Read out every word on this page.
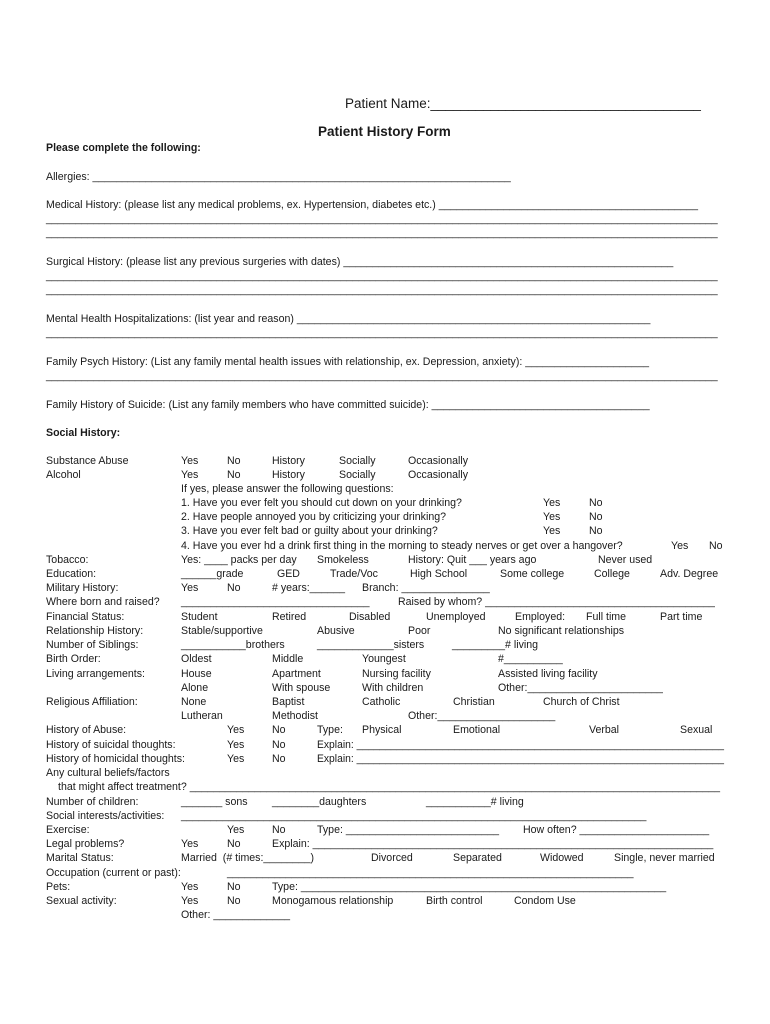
Patient Name:____________________________________
Patient History Form
Please complete the following:
Allergies: _______________________________________________________________________
Medical History: (please list any medical problems, ex. Hypertension, diabetes etc.) ____________________________________________
__________________________________________________________________________________________________________________
__________________________________________________________________________________________________________________
Surgical History: (please list any previous surgeries with dates) ________________________________________________________
__________________________________________________________________________________________________________________
__________________________________________________________________________________________________________________
Mental Health Hospitalizations: (list year and reason) ____________________________________________________________
__________________________________________________________________________________________________________________
Family Psych History: (List any family mental health issues with relationship, ex. Depression, anxiety): _____________________
__________________________________________________________________________________________________________________
Family History of Suicide: (List any family members who have committed suicide): _____________________________________
Social History:
Substance Abuse	Yes	No	History	Socially	Occasionally
Alcohol	Yes	No	History	Socially	Occasionally
If yes, please answer the following questions:
1. Have you ever felt you should cut down on your drinking?	Yes	No
2. Have people annoyed you by criticizing your drinking?	Yes	No
3. Have you ever felt bad or guilty about your drinking?	Yes	No
4. Have you ever hd a drink first thing in the morning to steady nerves or get over a hangover?	Yes No
Tobacco:	Yes: ____ packs per day Smokeless	History: Quit ___ years ago	Never used
Education:	______grade	GED	Trade/Voc	High School	Some college	College	Adv. Degree
Military History:	Yes	No	# years:______ Branch: _______________
Where born and raised? ________________________________	Raised by whom? _______________________________________
Financial Status:	Student	Retired	Disabled	Unemployed	Employed: Full time	Part time
Relationship History:	Stable/supportive	Abusive	Poor	No significant relationships
Number of Siblings:	___________brothers	_____________sisters	_________# living
Birth Order:	Oldest	Middle	Youngest	#__________
Living arrangements:	House	Apartment	Nursing facility	Assisted living facility
Alone	With spouse	With children	Other:_______________________
Religious Affiliation:	None	Baptist	Catholic	Christian	Church of Christ
Lutheran	Methodist	Other:____________________
History of Abuse:	Yes	No	Type: Physical	Emotional	Verbal	Sexual
History of suicidal thoughts:	Yes	No	Explain: ________________________________________________________________
History of homicidal thoughts:	Yes	No	Explain: ________________________________________________________________
Any cultural beliefs/factors
that might affect treatment? __________________________________________________________________________________________
Number of children:	_______ sons ________daughters	___________# living
Social interests/activities: _______________________________________________________________________________
Exercise:	Yes	No	Type: __________________________ How often? ______________________
Legal problems?	Yes	No	Explain: ____________________________________________________________________
Marital Status:	Married  (# times:________)	Divorced	Separated	Widowed	Single, never married
Occupation (current or past):	_____________________________________________________________________
Pets:	Yes	No	Type: ______________________________________________________________
Sexual activity:	Yes	No	Monogamous relationship	Birth control	Condom Use
Other: _____________
